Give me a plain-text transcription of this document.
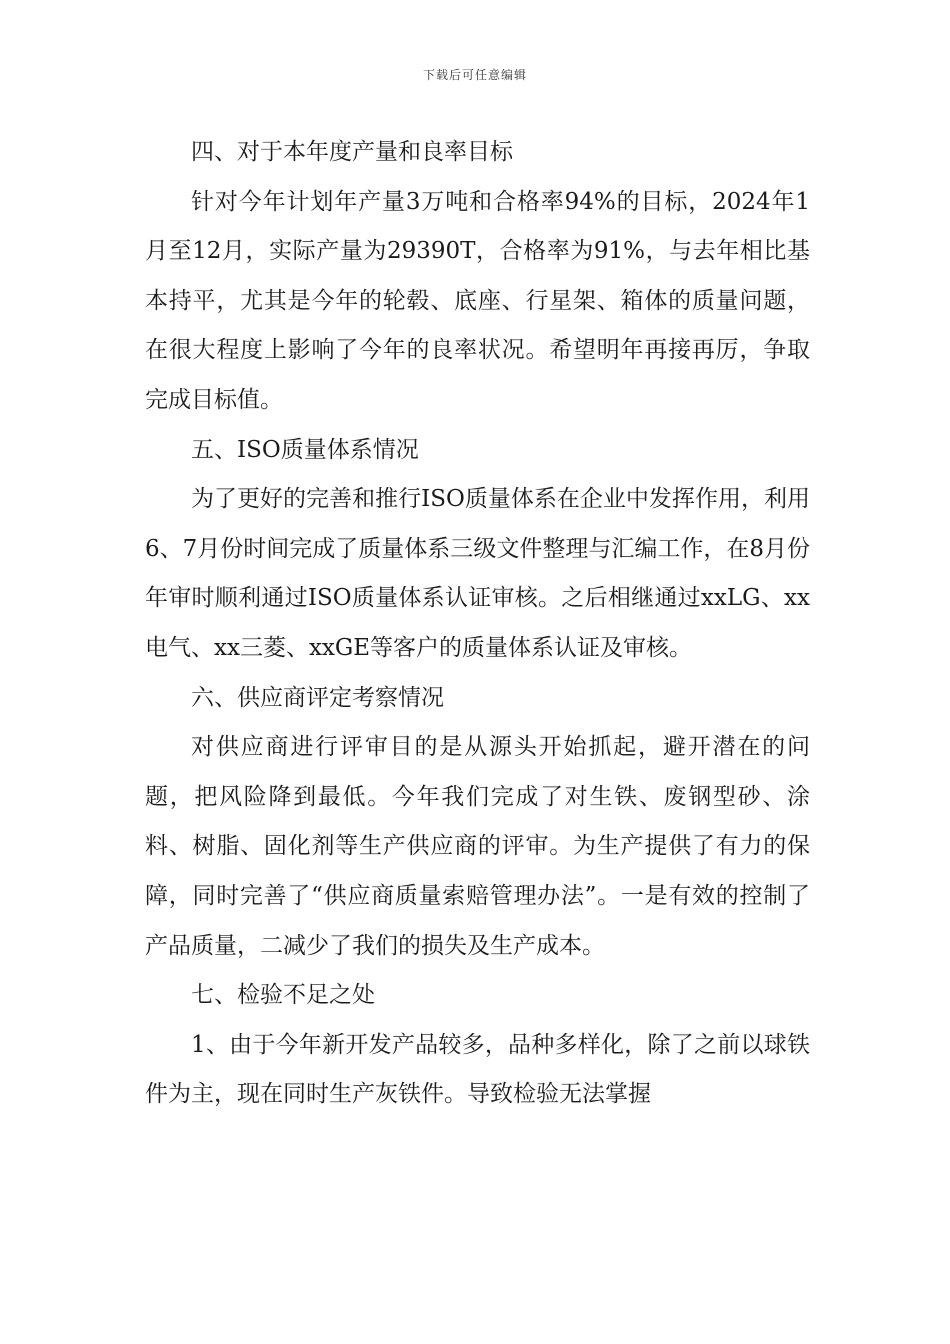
下载后可任意编辑

四、对于本年度产量和良率目标

针对今年计划年产量3万吨和合格率94%的目标，2024年1月至12月，实际产量为29390T，合格率为91%，与去年相比基本持平，尤其是今年的轮毂、底座、行星架、箱体的质量问题，在很大程度上影响了今年的良率状况。希望明年再接再厉，争取完成目标值。

五、ISO质量体系情况

为了更好的完善和推行ISO质量体系在企业中发挥作用，利用6、7月份时间完成了质量体系三级文件整理与汇编工作，在8月份年审时顺利通过ISO质量体系认证审核。之后相继通过xxLG、xx电气、xx三菱、xxGE等客户的质量体系认证及审核。

六、供应商评定考察情况

对供应商进行评审目的是从源头开始抓起，避开潜在的问题，把风险降到最低。今年我们完成了对生铁、废钢型砂、涂料、树脂、固化剂等生产供应商的评审。为生产提供了有力的保障，同时完善了“供应商质量索赔管理办法”。一是有效的控制了产品质量，二减少了我们的损失及生产成本。

七、检验不足之处

1、由于今年新开发产品较多，品种多样化，除了之前以球铁件为主，现在同时生产灰铁件。导致检验无法掌握
